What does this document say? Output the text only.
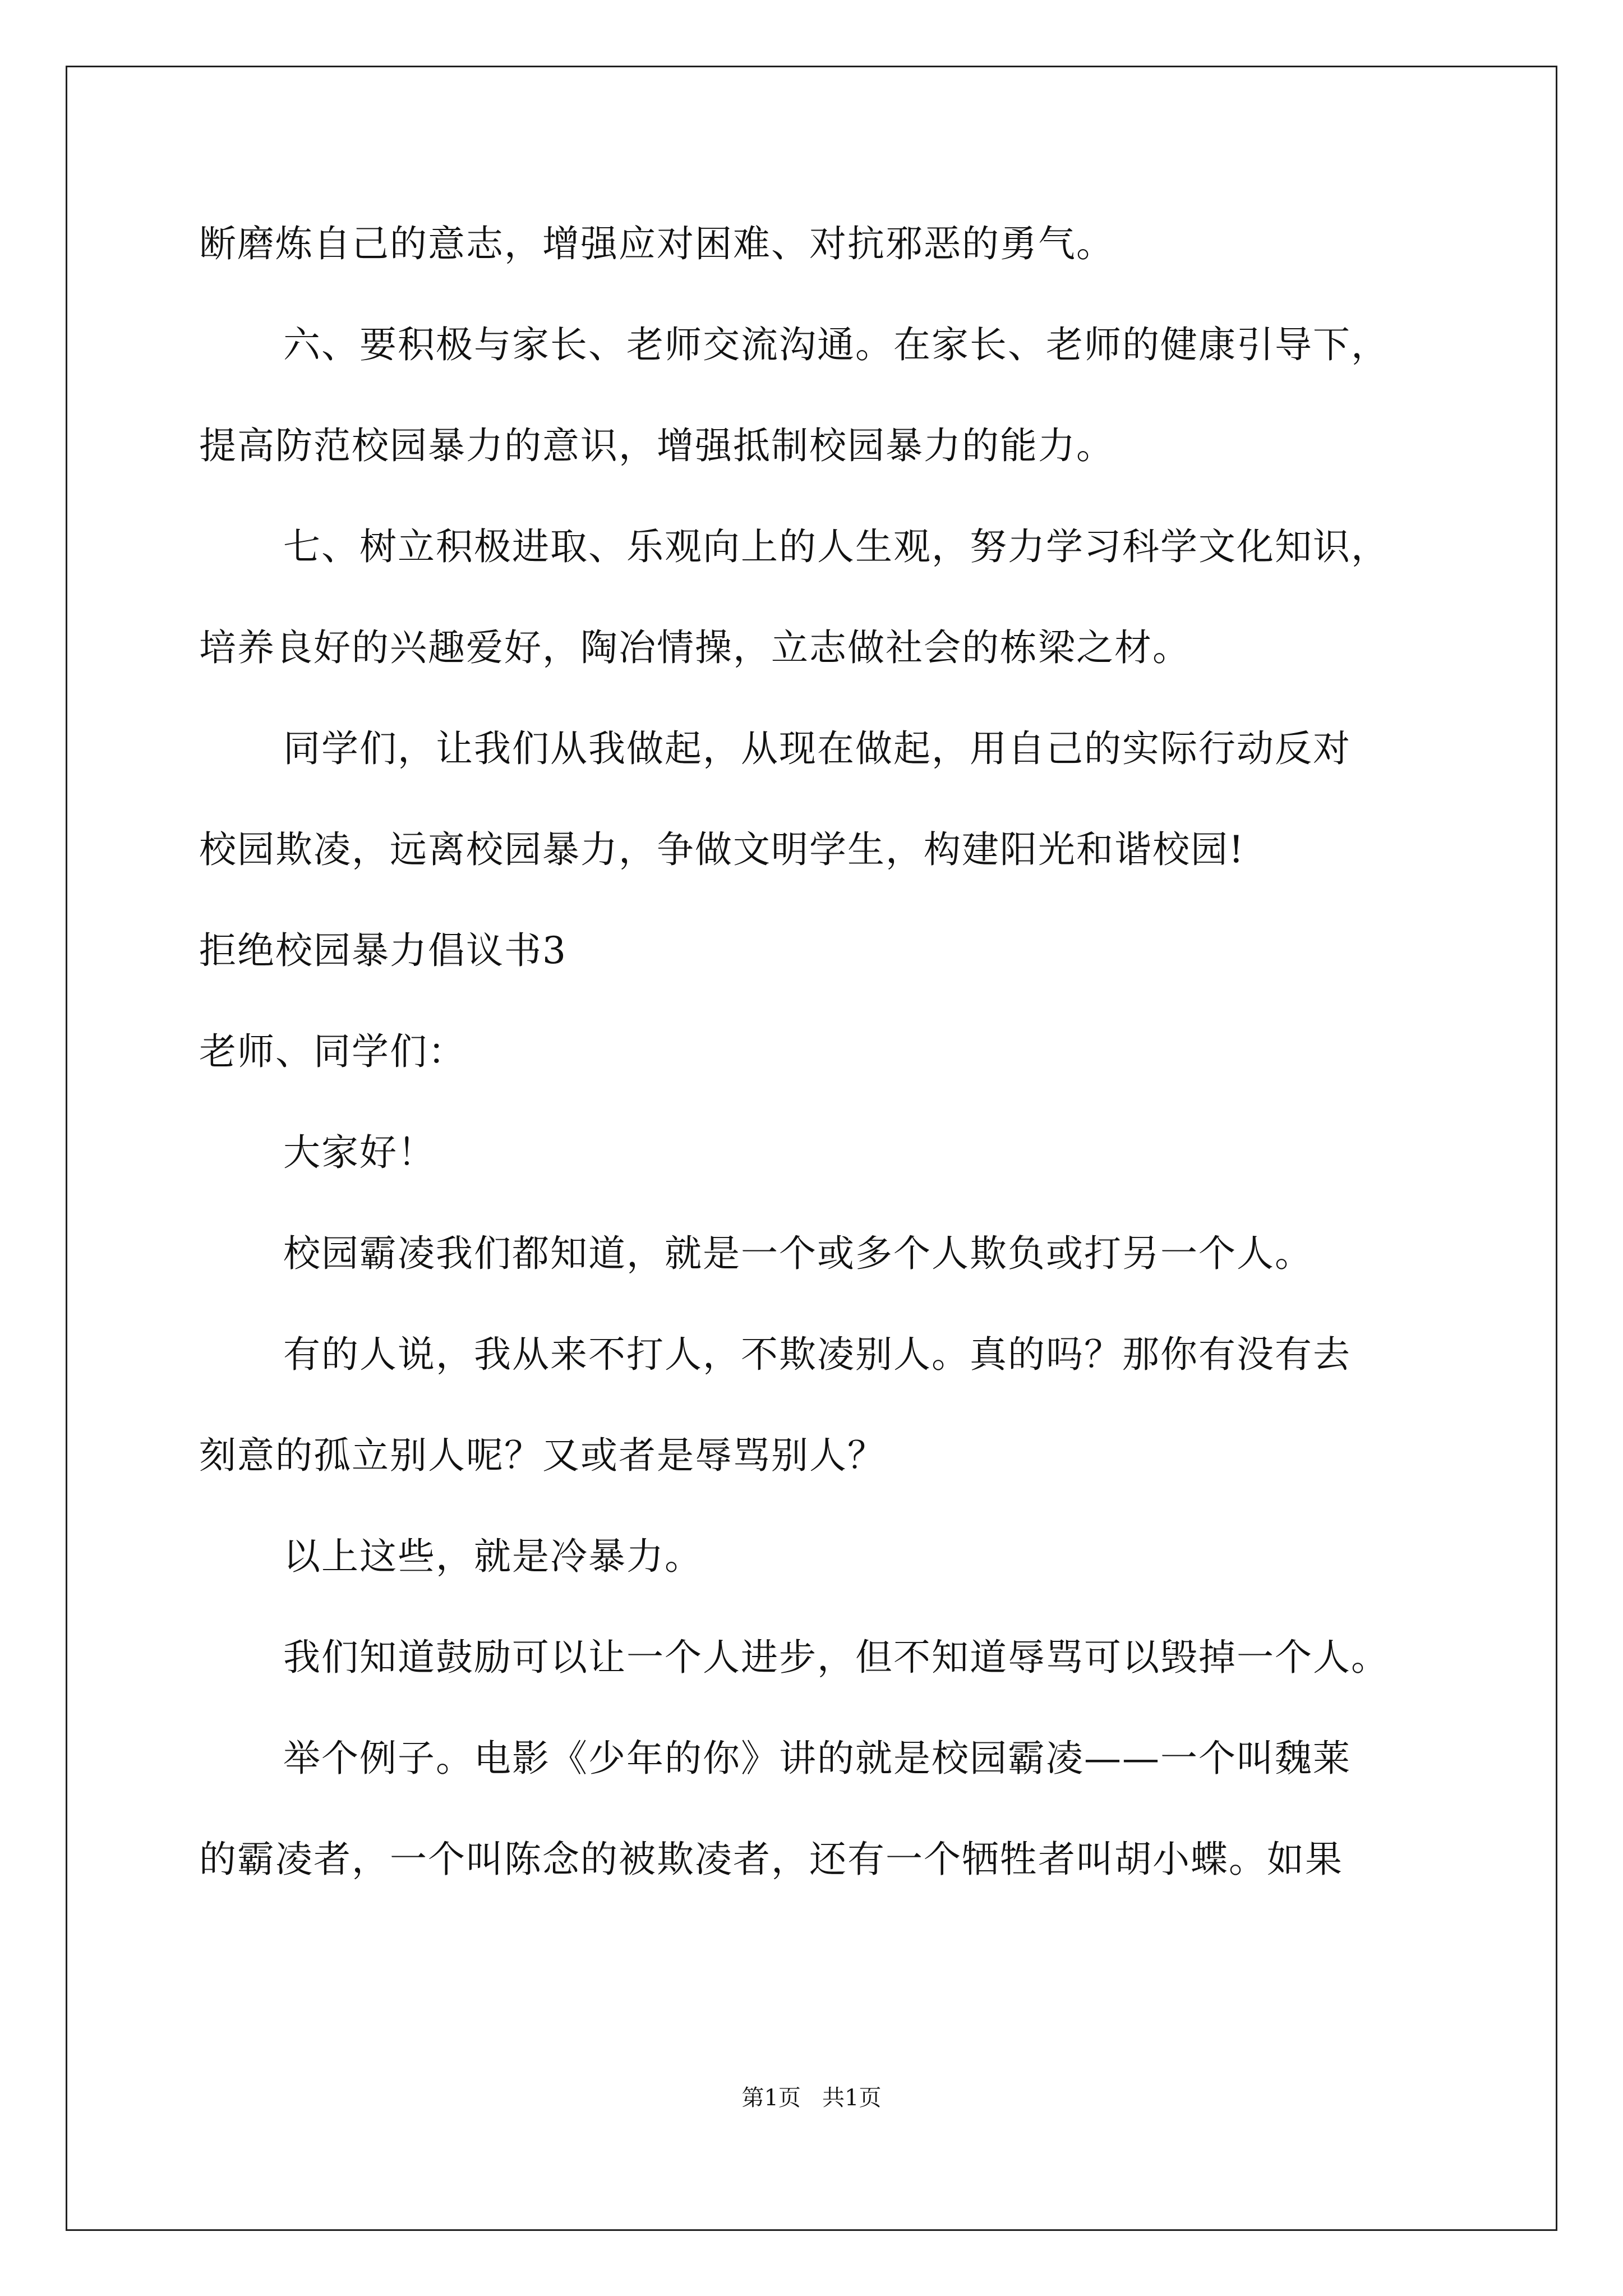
断磨炼自己的意志，增强应对困难、对抗邪恶的勇气。
六、要积极与家长、老师交流沟通。在家长、老师的健康引导下，
提高防范校园暴力的意识，增强抵制校园暴力的能力。
七、树立积极进取、乐观向上的人生观，努力学习科学文化知识，
培养良好的兴趣爱好，陶冶情操，立志做社会的栋梁之材。
同学们，让我们从我做起，从现在做起，用自己的实际行动反对
校园欺凌，远离校园暴力，争做文明学生，构建阳光和谐校园!
拒绝校园暴力倡议书3
老师、同学们：
大家好！
校园霸凌我们都知道，就是一个或多个人欺负或打另一个人。
有的人说，我从来不打人，不欺凌别人。真的吗？那你有没有去
刻意的孤立别人呢？又或者是辱骂别人？
以上这些，就是冷暴力。
我们知道鼓励可以让一个人进步，但不知道辱骂可以毁掉一个人。
举个例子。电影《少年的你》讲的就是校园霸凌——一个叫魏莱
的霸凌者，一个叫陈念的被欺凌者，还有一个牺牲者叫胡小蝶。如果
第1页   共1页
